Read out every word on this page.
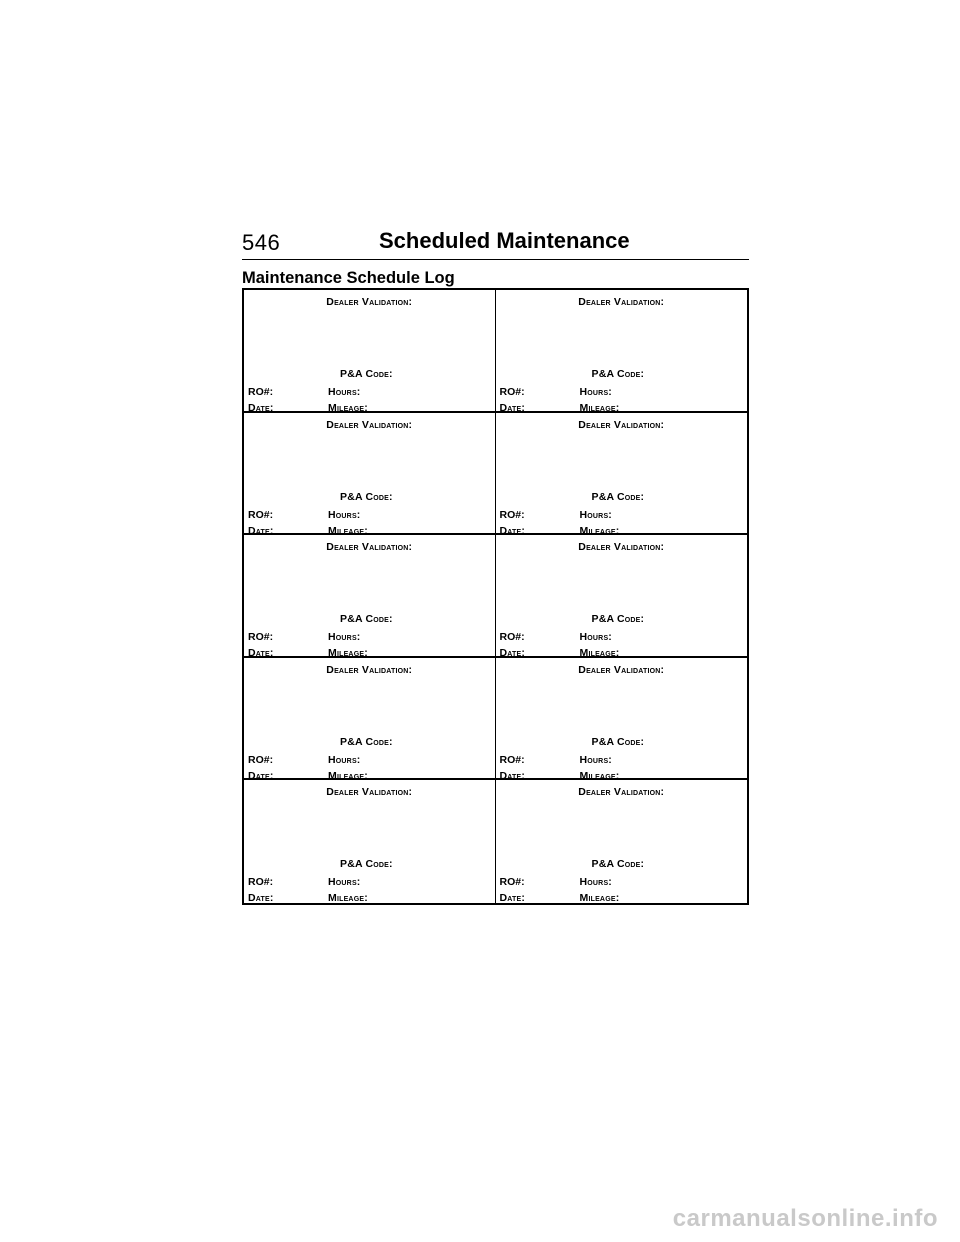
546	Scheduled Maintenance
Maintenance Schedule Log
Dealer Validation:
P&A Code:
RO#:	Hours:
Date:	Mileage:
Dealer Validation:
P&A Code:
RO#:	Hours:
Date:	Mileage:
Dealer Validation:
P&A Code:
RO#:	Hours:
Date:	Mileage:
Dealer Validation:
P&A Code:
RO#:	Hours:
Date:	Mileage:
Dealer Validation:
P&A Code:
RO#:	Hours:
Date:	Mileage:
Dealer Validation:
P&A Code:
RO#:	Hours:
Date:	Mileage:
Dealer Validation:
P&A Code:
RO#:	Hours:
Date:	Mileage:
Dealer Validation:
P&A Code:
RO#:	Hours:
Date:	Mileage:
Dealer Validation:
P&A Code:
RO#:	Hours:
Date:	Mileage:
Dealer Validation:
P&A Code:
RO#:	Hours:
Date:	Mileage:
carmanualsonline.info
